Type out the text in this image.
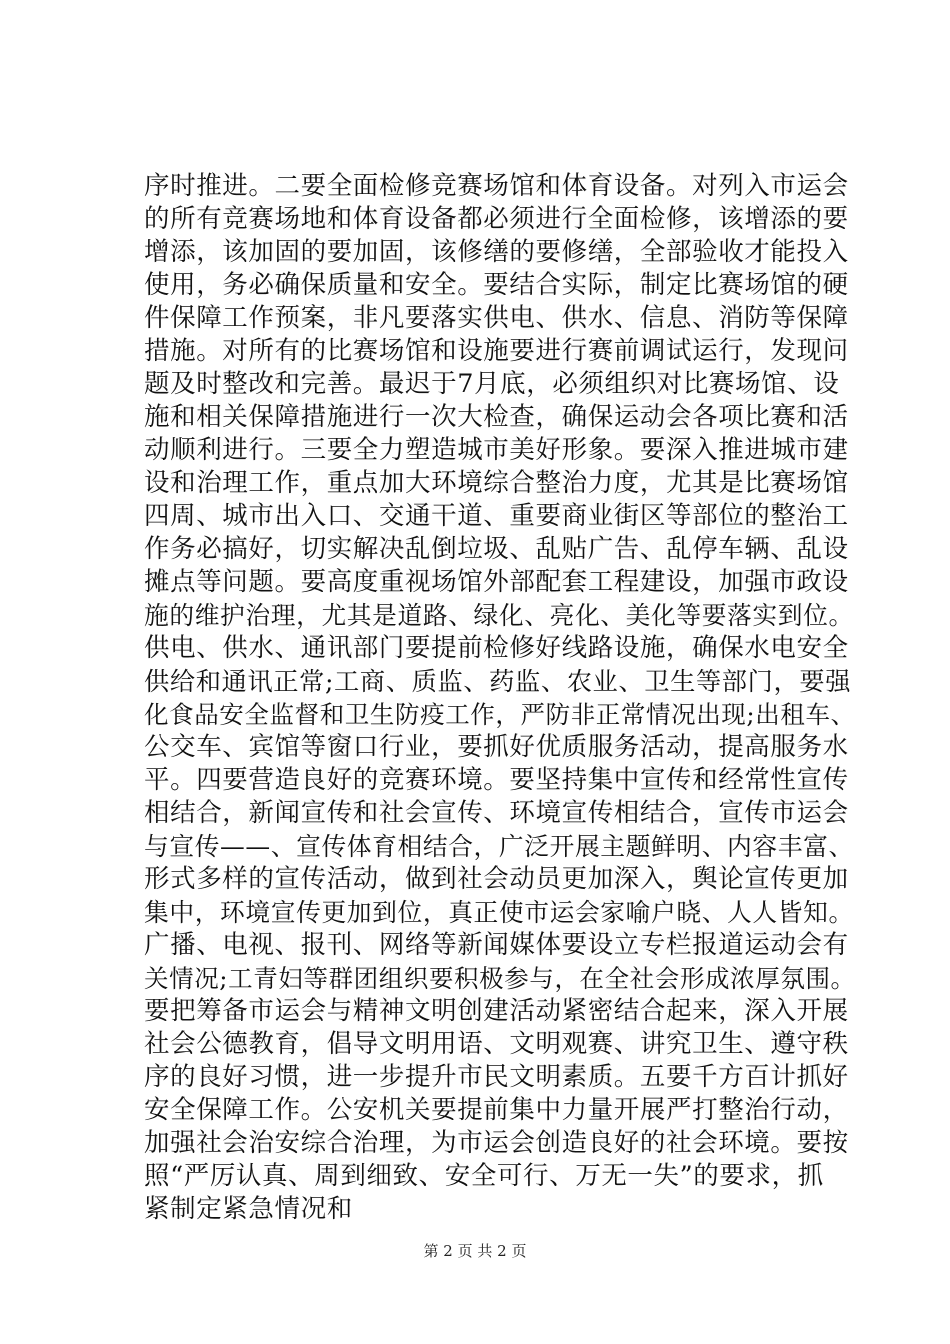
序时推进。二要全面检修竞赛场馆和体育设备。对列入市运会
的所有竞赛场地和体育设备都必须进行全面检修，该增添的要
增添，该加固的要加固，该修缮的要修缮，全部验收才能投入
使用，务必确保质量和安全。要结合实际，制定比赛场馆的硬
件保障工作预案，非凡要落实供电、供水、信息、消防等保障
措施。对所有的比赛场馆和设施要进行赛前调试运行，发现问
题及时整改和完善。最迟于7月底，必须组织对比赛场馆、设
施和相关保障措施进行一次大检查，确保运动会各项比赛和活
动顺利进行。三要全力塑造城市美好形象。要深入推进城市建
设和治理工作，重点加大环境综合整治力度，尤其是比赛场馆
四周、城市出入口、交通干道、重要商业街区等部位的整治工
作务必搞好，切实解决乱倒垃圾、乱贴广告、乱停车辆、乱设
摊点等问题。要高度重视场馆外部配套工程建设，加强市政设
施的维护治理，尤其是道路、绿化、亮化、美化等要落实到位。
供电、供水、通讯部门要提前检修好线路设施，确保水电安全
供给和通讯正常;工商、质监、药监、农业、卫生等部门，要强
化食品安全监督和卫生防疫工作，严防非正常情况出现;出租车、
公交车、宾馆等窗口行业，要抓好优质服务活动，提高服务水
平。四要营造良好的竞赛环境。要坚持集中宣传和经常性宣传
相结合，新闻宣传和社会宣传、环境宣传相结合，宣传市运会
与宣传——、宣传体育相结合，广泛开展主题鲜明、内容丰富、
形式多样的宣传活动，做到社会动员更加深入，舆论宣传更加
集中，环境宣传更加到位，真正使市运会家喻户晓、人人皆知。
广播、电视、报刊、网络等新闻媒体要设立专栏报道运动会有
关情况;工青妇等群团组织要积极参与，在全社会形成浓厚氛围。
要把筹备市运会与精神文明创建活动紧密结合起来，深入开展
社会公德教育，倡导文明用语、文明观赛、讲究卫生、遵守秩
序的良好习惯，进一步提升市民文明素质。五要千方百计抓好
安全保障工作。公安机关要提前集中力量开展严打整治行动，
加强社会治安综合治理，为市运会创造良好的社会环境。要按
照“严厉认真、周到细致、安全可行、万无一失”的要求，抓
紧制定紧急情况和
第 2 页 共 2 页
